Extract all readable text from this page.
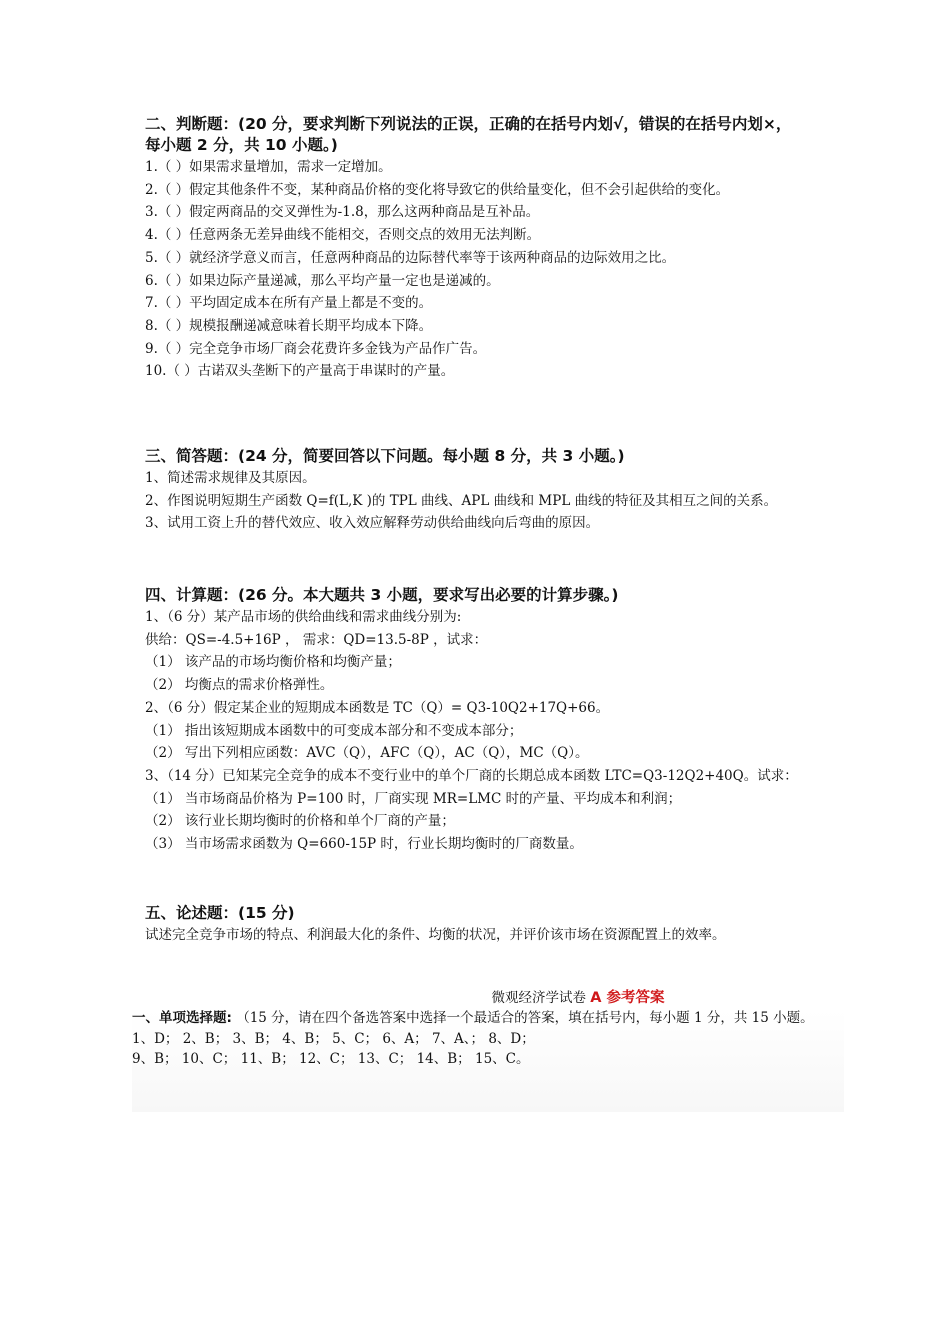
二、判断题：(20 分，要求判断下列说法的正误，正确的在括号内划√，错误的在括号内划×，每小题 2 分，共 10 小题。)

1.（ ）如果需求量增加，需求一定增加。

2.（ ）假定其他条件不变，某种商品价格的变化将导致它的供给量变化，但不会引起供给的变化。

3.（ ）假定两商品的交叉弹性为-1.8，那么这两种商品是互补品。

4.（ ）任意两条无差异曲线不能相交，否则交点的效用无法判断。

5.（ ）就经济学意义而言，任意两种商品的边际替代率等于该两种商品的边际效用之比。

6.（ ）如果边际产量递减，那么平均产量一定也是递减的。

7.（ ）平均固定成本在所有产量上都是不变的。

8.（ ）规模报酬递减意味着长期平均成本下降。

9.（ ）完全竞争市场厂商会花费许多金钱为产品作广告。

10.（ ）古诺双头垄断下的产量高于串谋时的产量。

三、简答题：(24 分，简要回答以下问题。每小题 8 分，共 3 小题。)

1、简述需求规律及其原因。

2、作图说明短期生产函数 Q=f(L,K )的 TPL 曲线、APL 曲线和 MPL 曲线的特征及其相互之间的关系。

3、试用工资上升的替代效应、收入效应解释劳动供给曲线向后弯曲的原因。

四、计算题：(26 分。本大题共 3 小题，要求写出必要的计算步骤。)

1、（6 分）某产品市场的供给曲线和需求曲线分别为:

供给：QS=-4.5+16P ， 需求：QD=13.5-8P ，试求：

（1） 该产品的市场均衡价格和均衡产量；

（2） 均衡点的需求价格弹性。

2、（6 分）假定某企业的短期成本函数是 TC（Q）= Q3-10Q2+17Q+66。

（1） 指出该短期成本函数中的可变成本部分和不变成本部分；

（2） 写出下列相应函数：AVC（Q），AFC（Q），AC（Q），MC（Q）。

3、（14 分）已知某完全竞争的成本不变行业中的单个厂商的长期总成本函数 LTC=Q3-12Q2+40Q。试求：

（1） 当市场商品价格为 P=100 时，厂商实现 MR=LMC 时的产量、平均成本和利润；

（2） 该行业长期均衡时的价格和单个厂商的产量；

（3） 当市场需求函数为 Q=660-15P 时，行业长期均衡时的厂商数量。

五、论述题：(15 分)

试述完全竞争市场的特点、利润最大化的条件、均衡的状况，并评价该市场在资源配置上的效率。

微观经济学试卷 A 参考答案

一、单项选择题: （15 分，请在四个备选答案中选择一个最适合的答案，填在括号内，每小题 1 分，共 15 小题。

1、D； 2、B； 3、B； 4、B； 5、C； 6、A； 7、A、； 8、D；

9、B； 10、C； 11、B； 12、C； 13、C； 14、B； 15、C。
